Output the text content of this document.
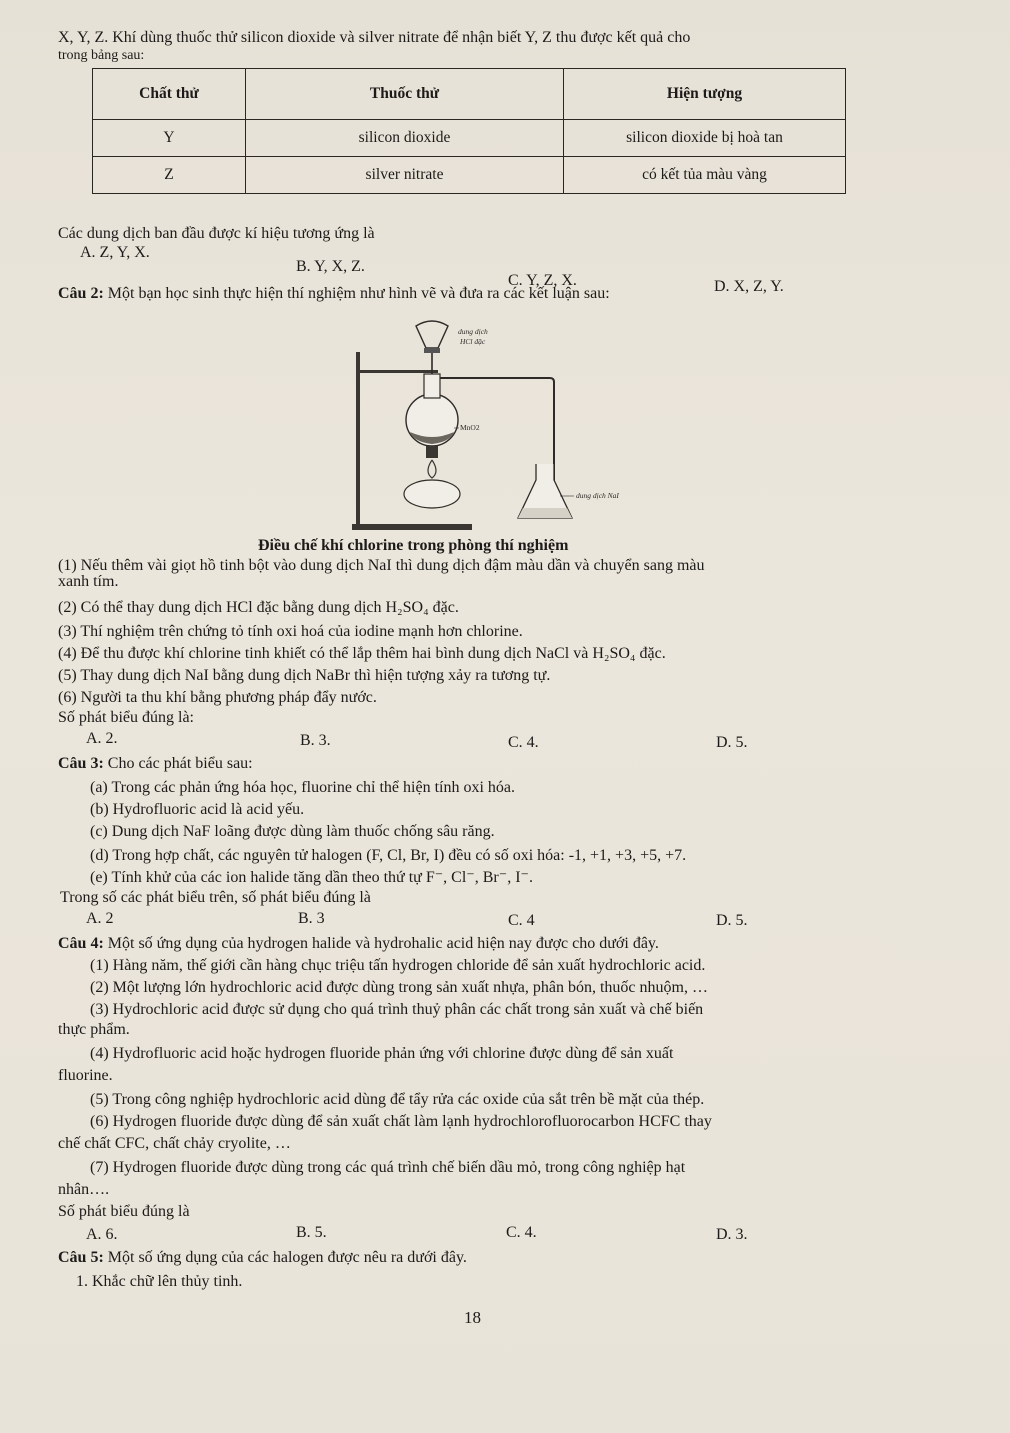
X, Y, Z. Khí dùng thuốc thử silicon dioxide và silver nitrate để nhận biết Y, Z thu được kết quả cho
trong bảng sau:
Chất thử	Thuốc thử	Hiện tượng
Y	silicon dioxide	silicon dioxide bị hoà tan
Z	silver nitrate	có kết tủa màu vàng
Các dung dịch ban đầu được kí hiệu tương ứng là
A. Z, Y, X.
B. Y, X, Z.
C. Y, Z, X.	D. X, Z, Y.
Câu 2: Một bạn học sinh thực hiện thí nghiệm như hình vẽ và đưa ra các kết luận sau:
dung dịch
HCl đặc
MnO2
dung dịch NaI
Điều chế khí chlorine trong phòng thí nghiệm
(1) Nếu thêm vài giọt hồ tinh bột vào dung dịch NaI thì dung dịch đậm màu dần và chuyển sang màu
xanh tím.
(2) Có thể thay dung dịch HCl đặc bằng dung dịch H₂SO₄ đặc.
(3) Thí nghiệm trên chứng tỏ tính oxi hoá của iodine mạnh hơn chlorine.
(4) Để thu được khí chlorine tinh khiết có thể lắp thêm hai bình dung dịch NaCl và H₂SO₄ đặc.
(5) Thay dung dịch NaI bằng dung dịch NaBr thì hiện tượng xảy ra tương tự.
(6) Người ta thu khí bằng phương pháp đẩy nước.
Số phát biểu đúng là:
A. 2.	B. 3.	C. 4.	D. 5.
Câu 3: Cho các phát biểu sau:
(a) Trong các phản ứng hóa học, fluorine chỉ thể hiện tính oxi hóa.
(b) Hydrofluoric acid là acid yếu.
(c) Dung dịch NaF loãng được dùng làm thuốc chống sâu răng.
(d) Trong hợp chất, các nguyên tử halogen (F, Cl, Br, I) đều có số oxi hóa: -1, +1, +3, +5, +7.
(e) Tính khử của các ion halide tăng dần theo thứ tự F⁻, Cl⁻, Br⁻, I⁻.
Trong số các phát biểu trên, số phát biểu đúng là
A. 2	B. 3	C. 4	D. 5.
Câu 4: Một số ứng dụng của hydrogen halide và hydrohalic acid hiện nay được cho dưới đây.
(1) Hàng năm, thế giới cần hàng chục triệu tấn hydrogen chloride để sản xuất hydrochloric acid.
(2) Một lượng lớn hydrochloric acid được dùng trong sản xuất nhựa, phân bón, thuốc nhuộm, …
(3) Hydrochloric acid được sử dụng cho quá trình thuỷ phân các chất trong sản xuất và chế biến
thực phẩm.
(4) Hydrofluoric acid hoặc hydrogen fluoride phản ứng với chlorine được dùng để sản xuất
fluorine.
(5) Trong công nghiệp hydrochloric acid dùng để tẩy rửa các oxide của sắt trên bề mặt của thép.
(6) Hydrogen fluoride được dùng để sản xuất chất làm lạnh hydrochlorofluorocarbon HCFC thay
chế chất CFC, chất chảy cryolite, …
(7) Hydrogen fluoride được dùng trong các quá trình chế biến dầu mỏ, trong công nghiệp hạt
nhân….
Số phát biểu đúng là
A. 6.	B. 5.	C. 4.	D. 3.
Câu 5: Một số ứng dụng của các halogen được nêu ra dưới đây.
1. Khắc chữ lên thủy tinh.
18
